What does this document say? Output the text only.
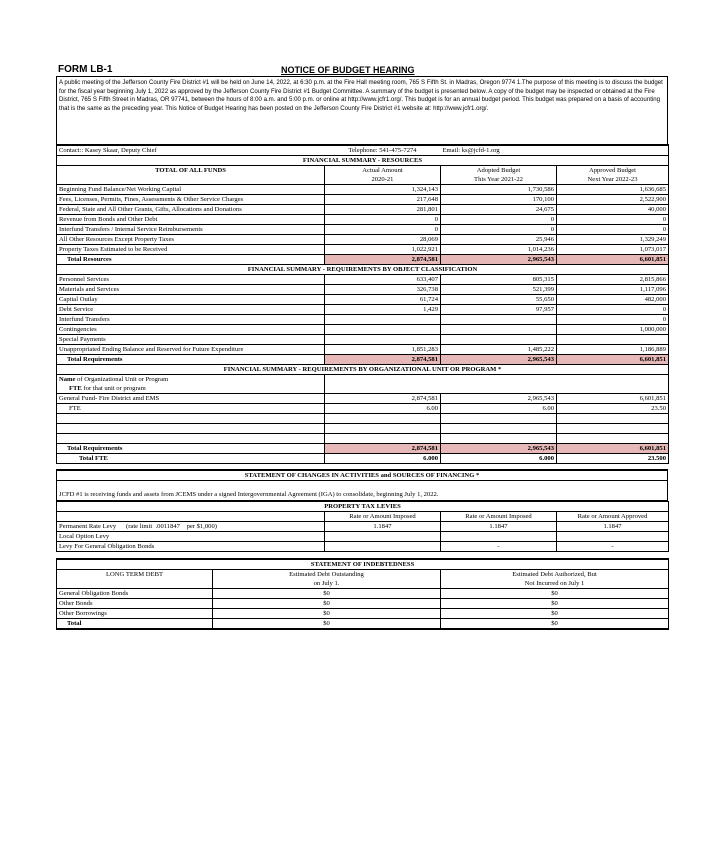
FORM LB-1	NOTICE OF BUDGET HEARING
A public meeting of the Jefferson County Fire District #1 will be held on June 14, 2022, at 6:30 p.m. at the Fire Hall meeting room, 765 S Fifth St. in Madras, Oregon 9774 1.The purpose of this meeting is to discuss the budget for the fiscal year beginning July 1, 2022 as approved by the Jefferson County Fire District #1 Budget Committee. A summary of the budget is presented below. A copy of the budget may be inspected or obtained at the Fire District, 765 S Fifth Street in Madras, OR 97741, between the hours of 8:00 a.m. and 5:00 p.m. or online at http://www.jcfr1.org/. This budget is for an annual budget period. This budget was prepared on a basis of accounting that is the same as the preceding year. This Notice of Budget Hearing has been posted on the Jefferson County Fire District #1 website at: http://www.jcfr1.org/.
Contact:: Kasey Skaar, Deputy Chief	Telephone: 541-475-7274	Email: ks@jcfd-1.org	
FINANCIAL SUMMARY - RESOURCES			
TOTAL OF ALL FUNDS	Actual Amount	Adopted Budget	Approved Budget
	2020-21	This Year 2021-22	Next Year 2022-23
Beginning Fund Balance/Net Working Capital	1,324,143	1,730,586	1,636,685
Fees, Licenses, Permits, Fines, Assessments & Other Service Charges	217,648	170,100	2,522,900
Federal, State and All Other Grants, Gifts, Allocations and Donations	281,801	24,675	40,000
Revenue from Bonds and Other Debt	0	0	0
Interfund Transfers / Internal Service Reimbursements	0	0	0
All Other Resources Except Property Taxes	28,069	25,946	1,329,249
Property Taxes Estimated to be Received	1,022,921	1,014,236	1,073,017
Total Resources	2,874,581	2,965,543	6,601,851
FINANCIAL SUMMARY - REQUIREMENTS BY OBJECT CLASSIFICATION			
Personnel Services	633,407	805,315	2,815,866
Materials and Services	326,738	521,399	1,117,096
Capital Outlay	61,724	55,650	482,000
Debt Service	1,429	97,957	0
Interfund Transfers			0
Contingencies			1,000,000
Special Payments			
Unappropriated Ending Balance and Reserved for Future Expenditure	1,851,283	1,485,222	1,186,889
Total Requirements	2,874,581	2,965,543	6,601,851
FINANCIAL SUMMARY - REQUIREMENTS BY ORGANIZATIONAL UNIT OR PROGRAM *			
Name of Organizational Unit or Program			
FTE for that unit or program			
General Fund- Fire District amd EMS	2,874,581	2,965,543	6,601,851
FTE	6.00	6.00	23.50

Total Requirements	2,874,581	2,965,543	6,601,851
Total FTE	6.000	6.000	23.500
STATEMENT OF CHANGES IN ACTIVITIES and SOURCES OF FINANCING *

JCFD #1 is receiving funds and assets from JCEMS under a signed Intergovernmental Agreement (IGA) to consolidate, beginning July 1, 2022.
PROPERTY TAX LEVIES			
	Rate or Amount Imposed	Rate or Amount Imposed	Rate or Amount Approved
Permanent Rate Levy      (rate limit  .0011847    per $1,000)	1.1847	1.1847	1.1847
Local Option Levy			
Levy For General Obligation Bonds		-	-
STATEMENT OF INDEBTEDNESS		
LONG TERM DEBT	Estimated Debt Outstanding	Estimated Debt Authorized, But
	on July 1.	Not Incurred on July 1
General Obligation Bonds	$0	$0
Other Bonds	$0	$0
Other Borrowings	$0	$0
Total	$0	$0
